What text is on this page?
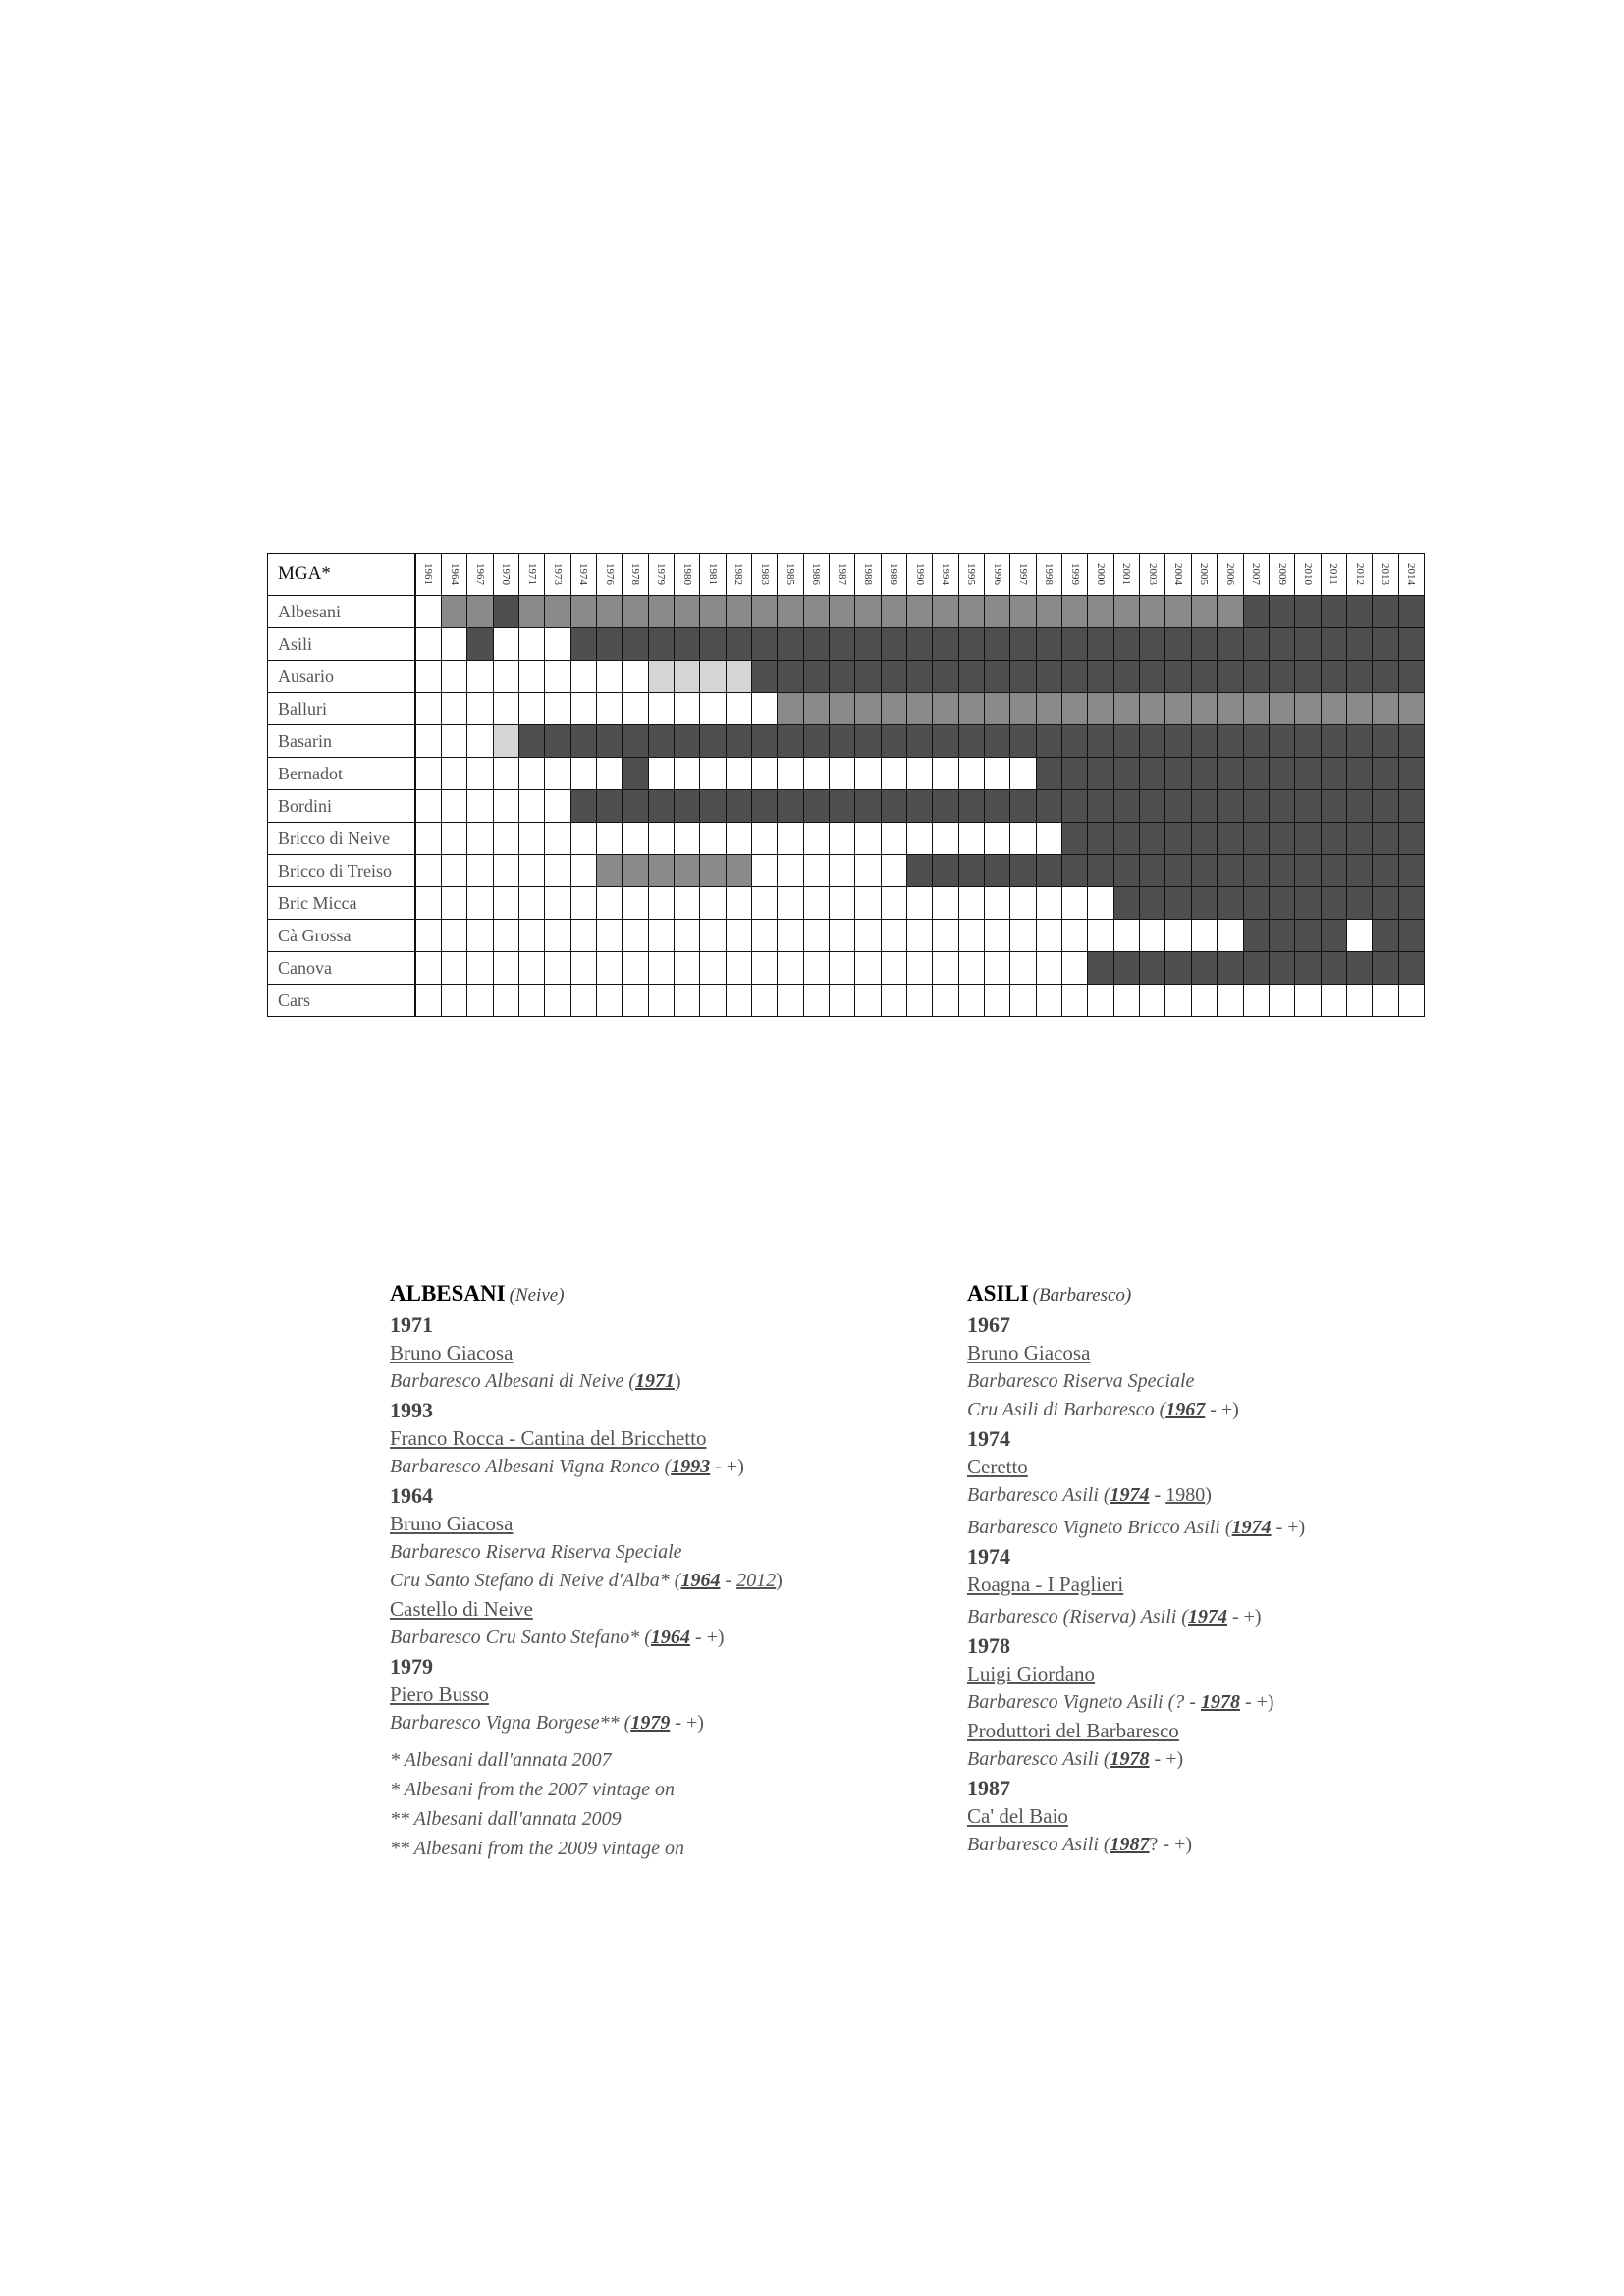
MGA*	1961	1964	1967	1970	1971	1973	1974	1976	1978	1979	1980	1981	1982	1983	1985	1986	1987	1988	1989	1990	1994	1995	1996	1997	1998	1999	2000	2001	2003	2004	2005	2006	2007	2009	2010	2011	2012	2013	2014

Albesani																																							
Asili																																							
Ausario																																							
Balluri																																							
Basarin																																							
Bernadot																																							
Bordini																																							
Bricco di Neive																																							
Bricco di Treiso																																							
Bric Micca																																							
Cà Grossa																																							
Canova																																							
Cars																																							
ALBESANI (Neive)
1971
Bruno Giacosa
Barbaresco Albesani di Neive (1971)
1993
Franco Rocca - Cantina del Bricchetto
Barbaresco Albesani Vigna Ronco (1993 - +)
1964
Bruno Giacosa
Barbaresco Riserva Riserva Speciale
Cru Santo Stefano di Neive d'Alba* (1964 - 2012)
Castello di Neive
Barbaresco Cru Santo Stefano* (1964 - +)
1979
Piero Busso
Barbaresco Vigna Borgese** (1979 - +)
* Albesani dall'annata 2007
* Albesani from the 2007 vintage on
** Albesani dall'annata 2009
** Albesani from the 2009 vintage on
ASILI (Barbaresco)
1967
Bruno Giacosa
Barbaresco Riserva Speciale
Cru Asili di Barbaresco (1967 - +)
1974
Ceretto
Barbaresco Asili (1974 - 1980)
Barbaresco Vigneto Bricco Asili (1974 - +)
1974
Roagna - I Paglieri
Barbaresco (Riserva) Asili (1974 - +)
1978
Luigi Giordano
Barbaresco Vigneto Asili (? - 1978 - +)
Produttori del Barbaresco
Barbaresco Asili (1978 - +)
1987
Ca' del Baio
Barbaresco Asili (1987? - +)
